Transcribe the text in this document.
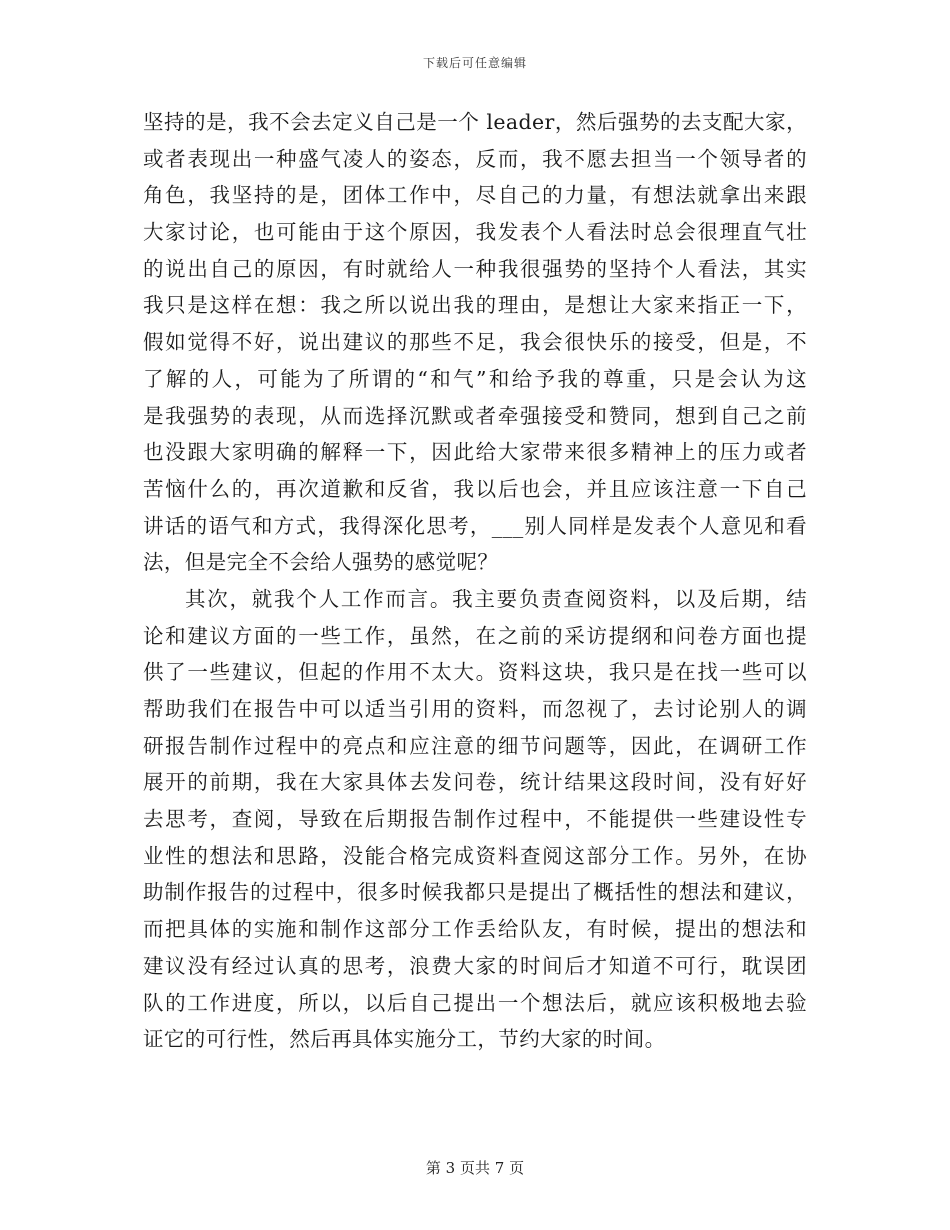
下载后可任意编辑
坚持的是，我不会去定义自己是一个 leader，然后强势的去支配大家，
或者表现出一种盛气凌人的姿态，反而，我不愿去担当一个领导者的
角色，我坚持的是，团体工作中，尽自己的力量，有想法就拿出来跟
大家讨论，也可能由于这个原因，我发表个人看法时总会很理直气壮
的说出自己的原因，有时就给人一种我很强势的坚持个人看法，其实
我只是这样在想：我之所以说出我的理由，是想让大家来指正一下，
假如觉得不好，说出建议的那些不足，我会很快乐的接受，但是，不
了解的人，可能为了所谓的“和气”和给予我的尊重，只是会认为这
是我强势的表现，从而选择沉默或者牵强接受和赞同，想到自己之前
也没跟大家明确的解释一下，因此给大家带来很多精神上的压力或者
苦恼什么的，再次道歉和反省，我以后也会，并且应该注意一下自己
讲话的语气和方式，我得深化思考，___别人同样是发表个人意见和看
法，但是完全不会给人强势的感觉呢？
其次，就我个人工作而言。我主要负责查阅资料，以及后期，结
论和建议方面的一些工作，虽然，在之前的采访提纲和问卷方面也提
供了一些建议，但起的作用不太大。资料这块，我只是在找一些可以
帮助我们在报告中可以适当引用的资料，而忽视了，去讨论别人的调
研报告制作过程中的亮点和应注意的细节问题等，因此，在调研工作
展开的前期，我在大家具体去发问卷，统计结果这段时间，没有好好
去思考，查阅，导致在后期报告制作过程中，不能提供一些建设性专
业性的想法和思路，没能合格完成资料查阅这部分工作。另外，在协
助制作报告的过程中，很多时候我都只是提出了概括性的想法和建议，
而把具体的实施和制作这部分工作丢给队友，有时候，提出的想法和
建议没有经过认真的思考，浪费大家的时间后才知道不可行，耽误团
队的工作进度，所以，以后自己提出一个想法后，就应该积极地去验
证它的可行性，然后再具体实施分工，节约大家的时间。
第 3 页共 7 页
